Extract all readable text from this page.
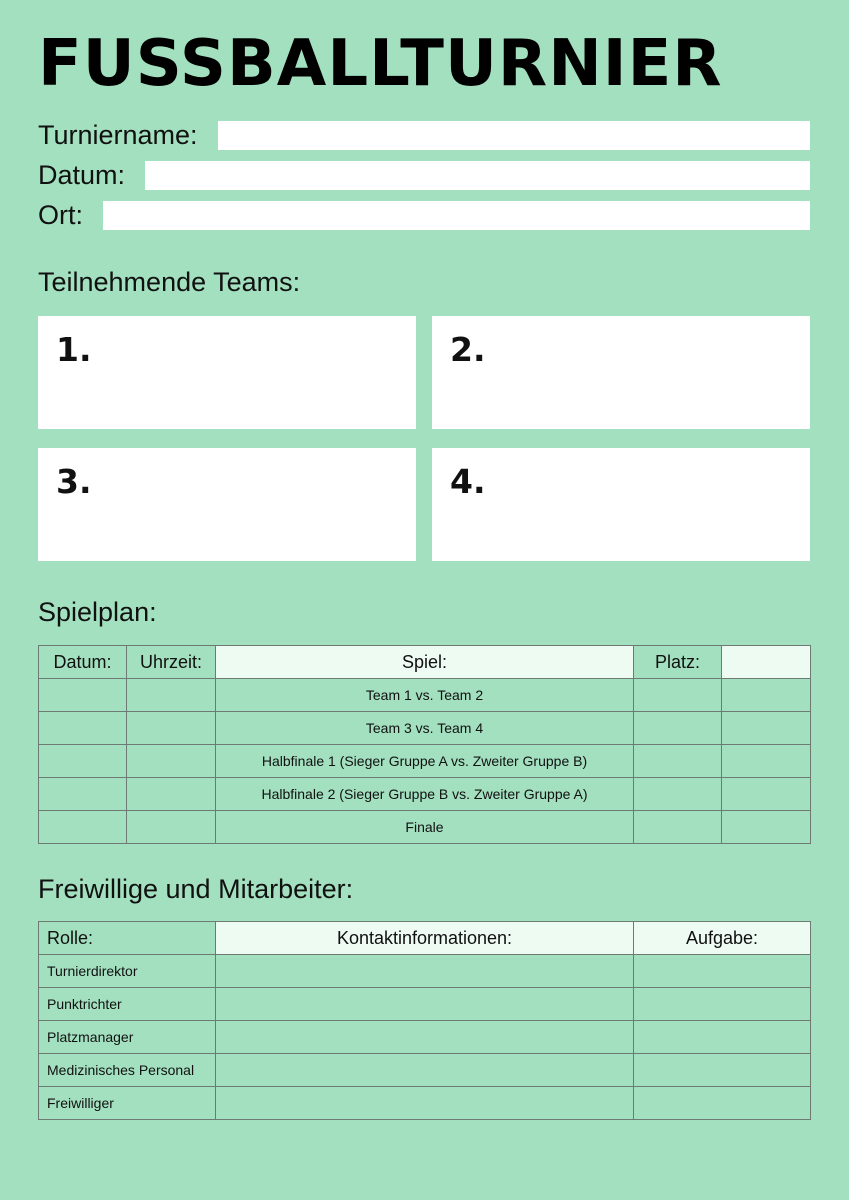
FUSSBALLTURNIER
Turniername:
Datum:
Ort:
Teilnehmende Teams:
1.	2.
3.	4.
Spielplan:
Datum:	Uhrzeit:	Spiel:	Platz:	
		Team 1 vs. Team 2		
		Team 3 vs. Team 4		
		Halbfinale 1 (Sieger Gruppe A vs. Zweiter Gruppe B)		
		Halbfinale 2 (Sieger Gruppe B vs. Zweiter Gruppe A)		
		Finale		
Freiwillige und Mitarbeiter:
Rolle:	Kontaktinformationen:	Aufgabe:
Turnierdirektor		
Punktrichter		
Platzmanager		
Medizinisches Personal		
Freiwilliger		
